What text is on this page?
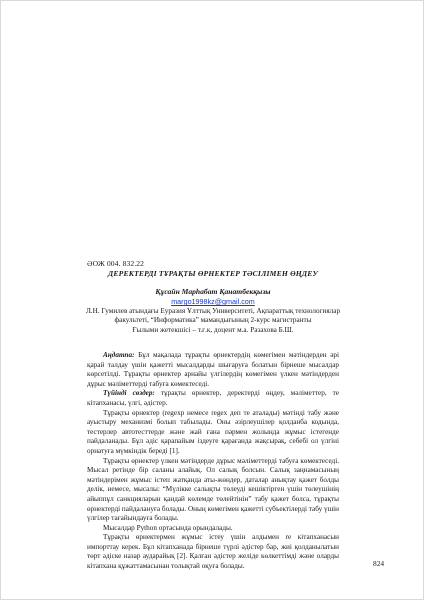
ӘОЖ 004. 832.22
ДЕРЕКТЕРДІ ТҰРАҚТЫ ӨРНЕКТЕР ТӘСІЛІМЕН ӨҢДЕУ
Құсайн Марһабат Қанатбекқызы
margo1998kz@gmail.com
Л.Н. Гумилев атындағы Еуразия Ұлттық Университеті, Ақпараттық технологиялар
факультеті, “Информатика” мамандығының 2-курс магистранты
Ғылыми жетекшісі – т.ғ.к, доцент м.а. Разахова Б.Ш.

Аңдатпа: Бұл мақалада тұрақты өрнектердің көмегімен мәтіндерден әрі қарай талдау үшін қажетті мысалдарды шығаруға болатын бірнеше мысалдар көрсетілді. Тұрақты өрнектер арнайы үлгілердің көмегімен үлкен мәтіндерден дұрыс мәліметтерді табуға көмектеседі.

Түйінді сөздер: тұрақты өрнектер, деректерді өңдеу, мәліметтер, те кітапханасы, үлгі, әдістер.

Тұрақты өрнектер (regexp немесе regex деп те аталады) мәтінді табу және ауыстыру механизмі болып табылады. Оны әзірлеушілер қолданба кодында, тестерлер автотесттерде және жай ғана пәрмен жолында жұмыс істегенде пайдаланады. Бұл әдіс қарапайым іздеуге қарағанда жақсырақ, себебі ол үлгіні орнатуға мүмкіндік береді [1].

Тұрақты өрнектер үлкен мәтіндерде дұрыс мәліметтерді табуға көмектеседі. Мысал ретінде бір саланы алайық. Ол салық болсын. Салық заңнамасының мәтіндерімен жұмыс істеп жатқанда аты-жөндер, даталар анықтау қажет болды делік, немесе, мысалы: “Мүлікке салықты төлеуді кешіктірген үшін төлеушінің айыппұл санкцияларын қандай көлемде төлейтінін” табу қажет болса, тұрақты өрнектерді пайдалануға болады. Оның көмегімен қажетті субъектілерді табу үшін үлгілер тағайындауға болады.

Мысалдар Python ортасында орындалады.

Тұрақты өрнектермен жұмыс істеу үшін алдымен re кітапханасын импорттау керек. Бұл кітапханада бірнеше түрлі әдістер бар, жиі қолданылатын төрт әдіске назар аударайық [2]. Қалған әдістер желіде көлкеттімді және оларды кітапхана құжаттамасынан толықтай оқуға болады.	824
